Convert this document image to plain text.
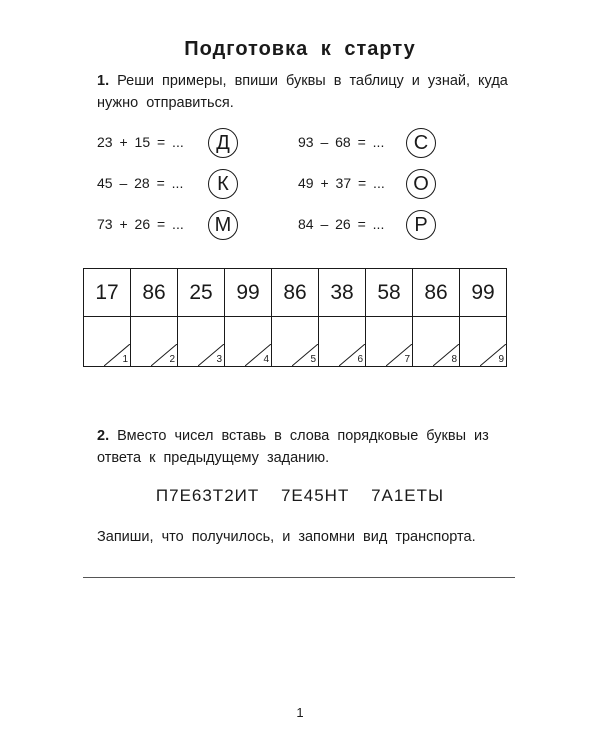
Подготовка к старту
1. Реши примеры, впиши буквы в таблицу и узнай, куда нужно отправиться.
23 + 15 = ...	Д
45 – 28 = ...	К
73 + 26 = ...	М
93 – 68 = ...	С
49 + 37 = ...	О
84 – 26 = ...	Р
17	86	25	99	86	38	58	86	99

1	2	3	4	5	6	7	8	9
2. Вместо чисел вставь в слова порядковые буквы из ответа к предыдущему заданию.
П7Е63Т2ИТ 7Е45НТ 7А1ЕТЫ
Запиши, что получилось, и запомни вид транспорта.
1
